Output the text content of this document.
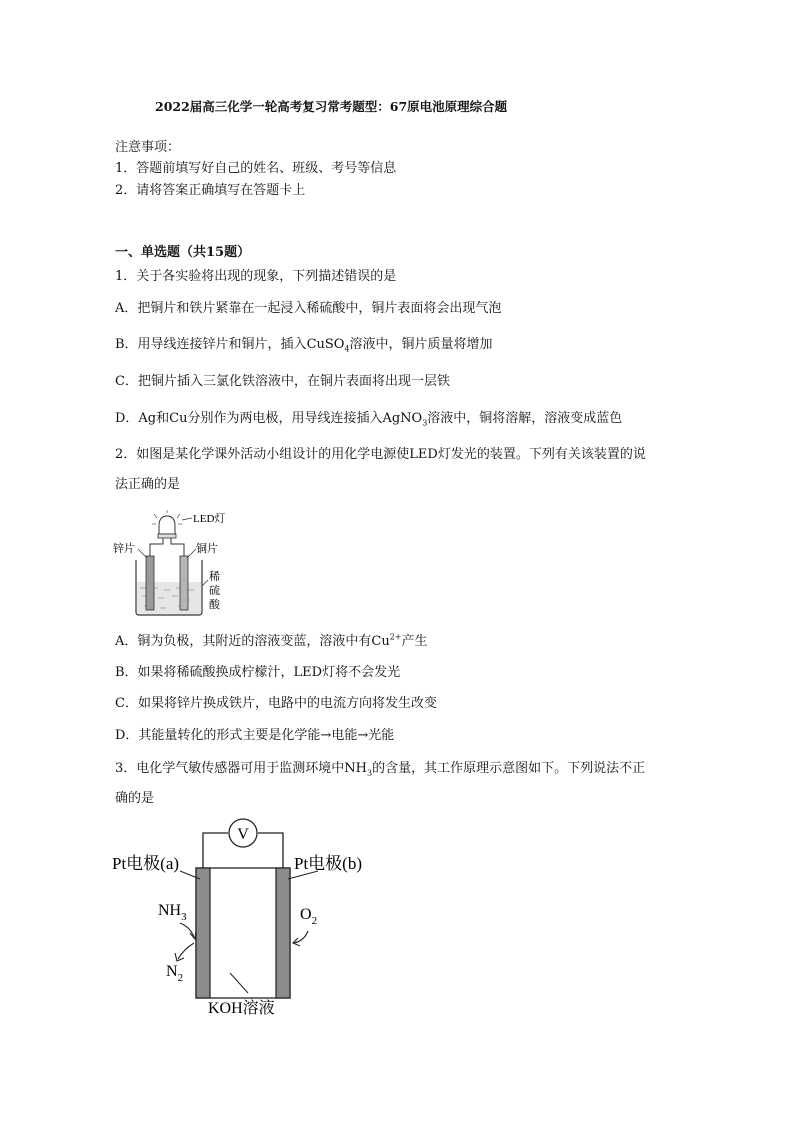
2022届高三化学一轮高考复习常考题型：67原电池原理综合题
注意事项：
1．答题前填写好自己的姓名、班级、考号等信息
2．请将答案正确填写在答题卡上
一、单选题（共15题）
1．关于各实验将出现的现象，下列描述错误的是
A．把铜片和铁片紧靠在一起浸入稀硫酸中，铜片表面将会出现气泡
B．用导线连接锌片和铜片，插入CuSO$_4$溶液中，铜片质量将增加
C．把铜片插入三氯化铁溶液中，在铜片表面将出现一层铁
D．Ag和Cu分别作为两电极，用导线连接插入AgNO$_3$溶液中，铜将溶解，溶液变成蓝色
2．如图是某化学课外活动小组设计的用化学电源使LED灯发光的装置。下列有关该装置的说
法正确的是
LED灯
锌片	铜片
稀
硫
酸
A．铜为负极，其附近的溶液变蓝，溶液中有$Cu^{2+}$产生
B．如果将稀硫酸换成柠檬汁，LED灯将不会发光
C．如果将锌片换成铁片，电路中的电流方向将发生改变
D．其能量转化的形式主要是化学能→电能→光能
3．电化学气敏传感器可用于监测环境中$NH_3$的含量，其工作原理示意图如下。下列说法不正
确的是
V
Pt电极(a)	Pt电极(b)
$NH_3$
$N_2$
$O_2$
KOH溶液
